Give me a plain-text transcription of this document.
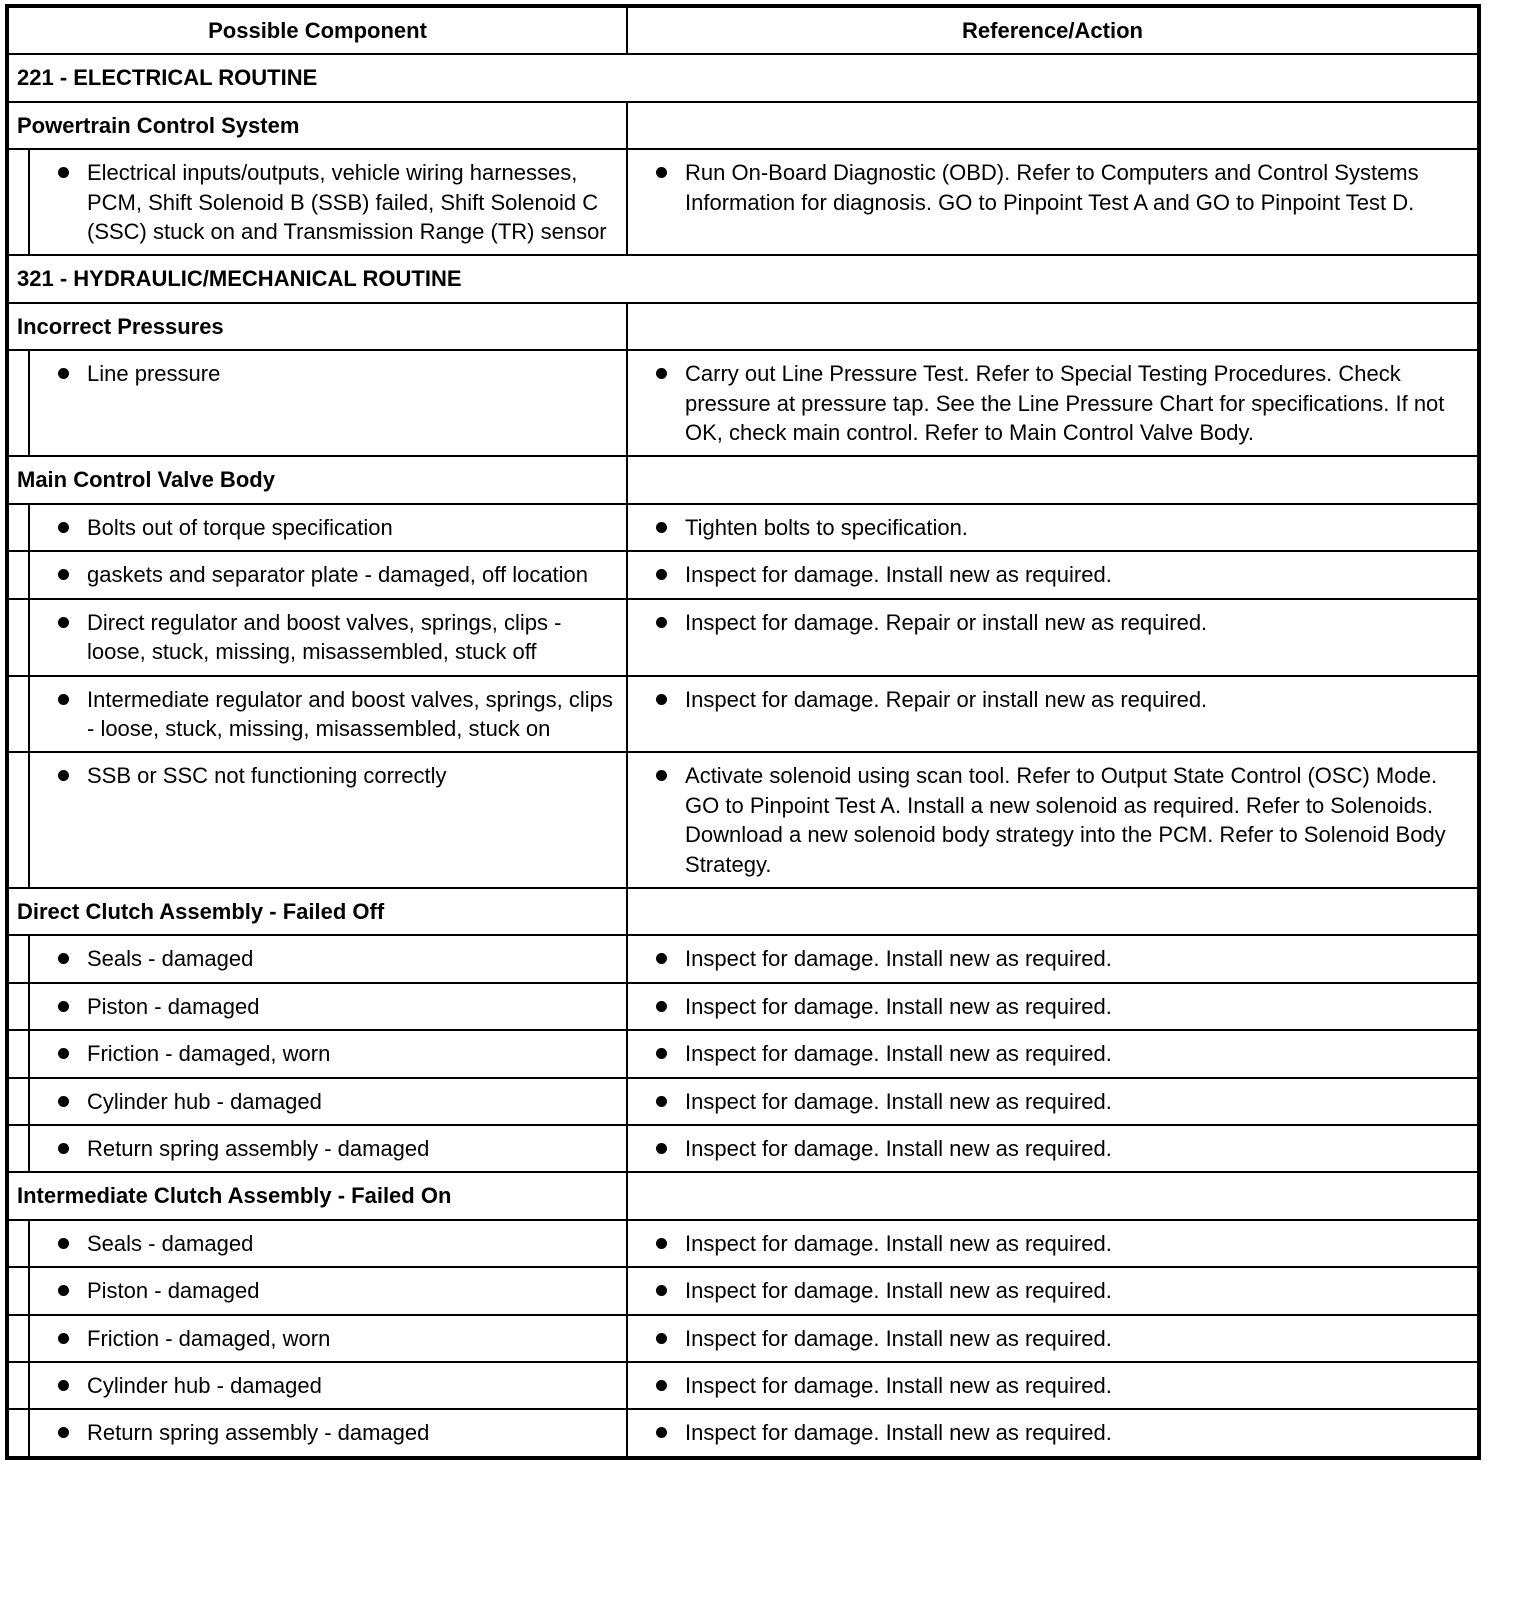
Possible Component		Reference/Action
221 - ELECTRICAL ROUTINE		
Powertrain Control System		
	Electrical inputs/outputs, vehicle wiring harnesses, PCM, Shift Solenoid B (SSB) failed, Shift Solenoid C (SSC) stuck on and Transmission Range (TR) sensor	Run On-Board Diagnostic (OBD). Refer to Computers and Control Systems Information for diagnosis. GO to Pinpoint Test A and GO to Pinpoint Test D.
321 - HYDRAULIC/MECHANICAL ROUTINE		
Incorrect Pressures		
	Line pressure	Carry out Line Pressure Test. Refer to Special Testing Procedures. Check pressure at pressure tap. See the Line Pressure Chart for specifications. If not OK, check main control. Refer to Main Control Valve Body.
Main Control Valve Body		
	Bolts out of torque specification	Tighten bolts to specification.
	gaskets and separator plate - damaged, off location	Inspect for damage. Install new as required.
	Direct regulator and boost valves, springs, clips - loose, stuck, missing, misassembled, stuck off	Inspect for damage. Repair or install new as required.
	Intermediate regulator and boost valves, springs, clips - loose, stuck, missing, misassembled, stuck on	Inspect for damage. Repair or install new as required.
	SSB or SSC not functioning correctly	Activate solenoid using scan tool. Refer to Output State Control (OSC) Mode. GO to Pinpoint Test A. Install a new solenoid as required. Refer to Solenoids. Download a new solenoid body strategy into the PCM. Refer to Solenoid Body Strategy.
Direct Clutch Assembly - Failed Off		
	Seals - damaged	Inspect for damage. Install new as required.
	Piston - damaged	Inspect for damage. Install new as required.
	Friction - damaged, worn	Inspect for damage. Install new as required.
	Cylinder hub - damaged	Inspect for damage. Install new as required.
	Return spring assembly - damaged	Inspect for damage. Install new as required.
Intermediate Clutch Assembly - Failed On		
	Seals - damaged	Inspect for damage. Install new as required.
	Piston - damaged	Inspect for damage. Install new as required.
	Friction - damaged, worn	Inspect for damage. Install new as required.
	Cylinder hub - damaged	Inspect for damage. Install new as required.
	Return spring assembly - damaged	Inspect for damage. Install new as required.
